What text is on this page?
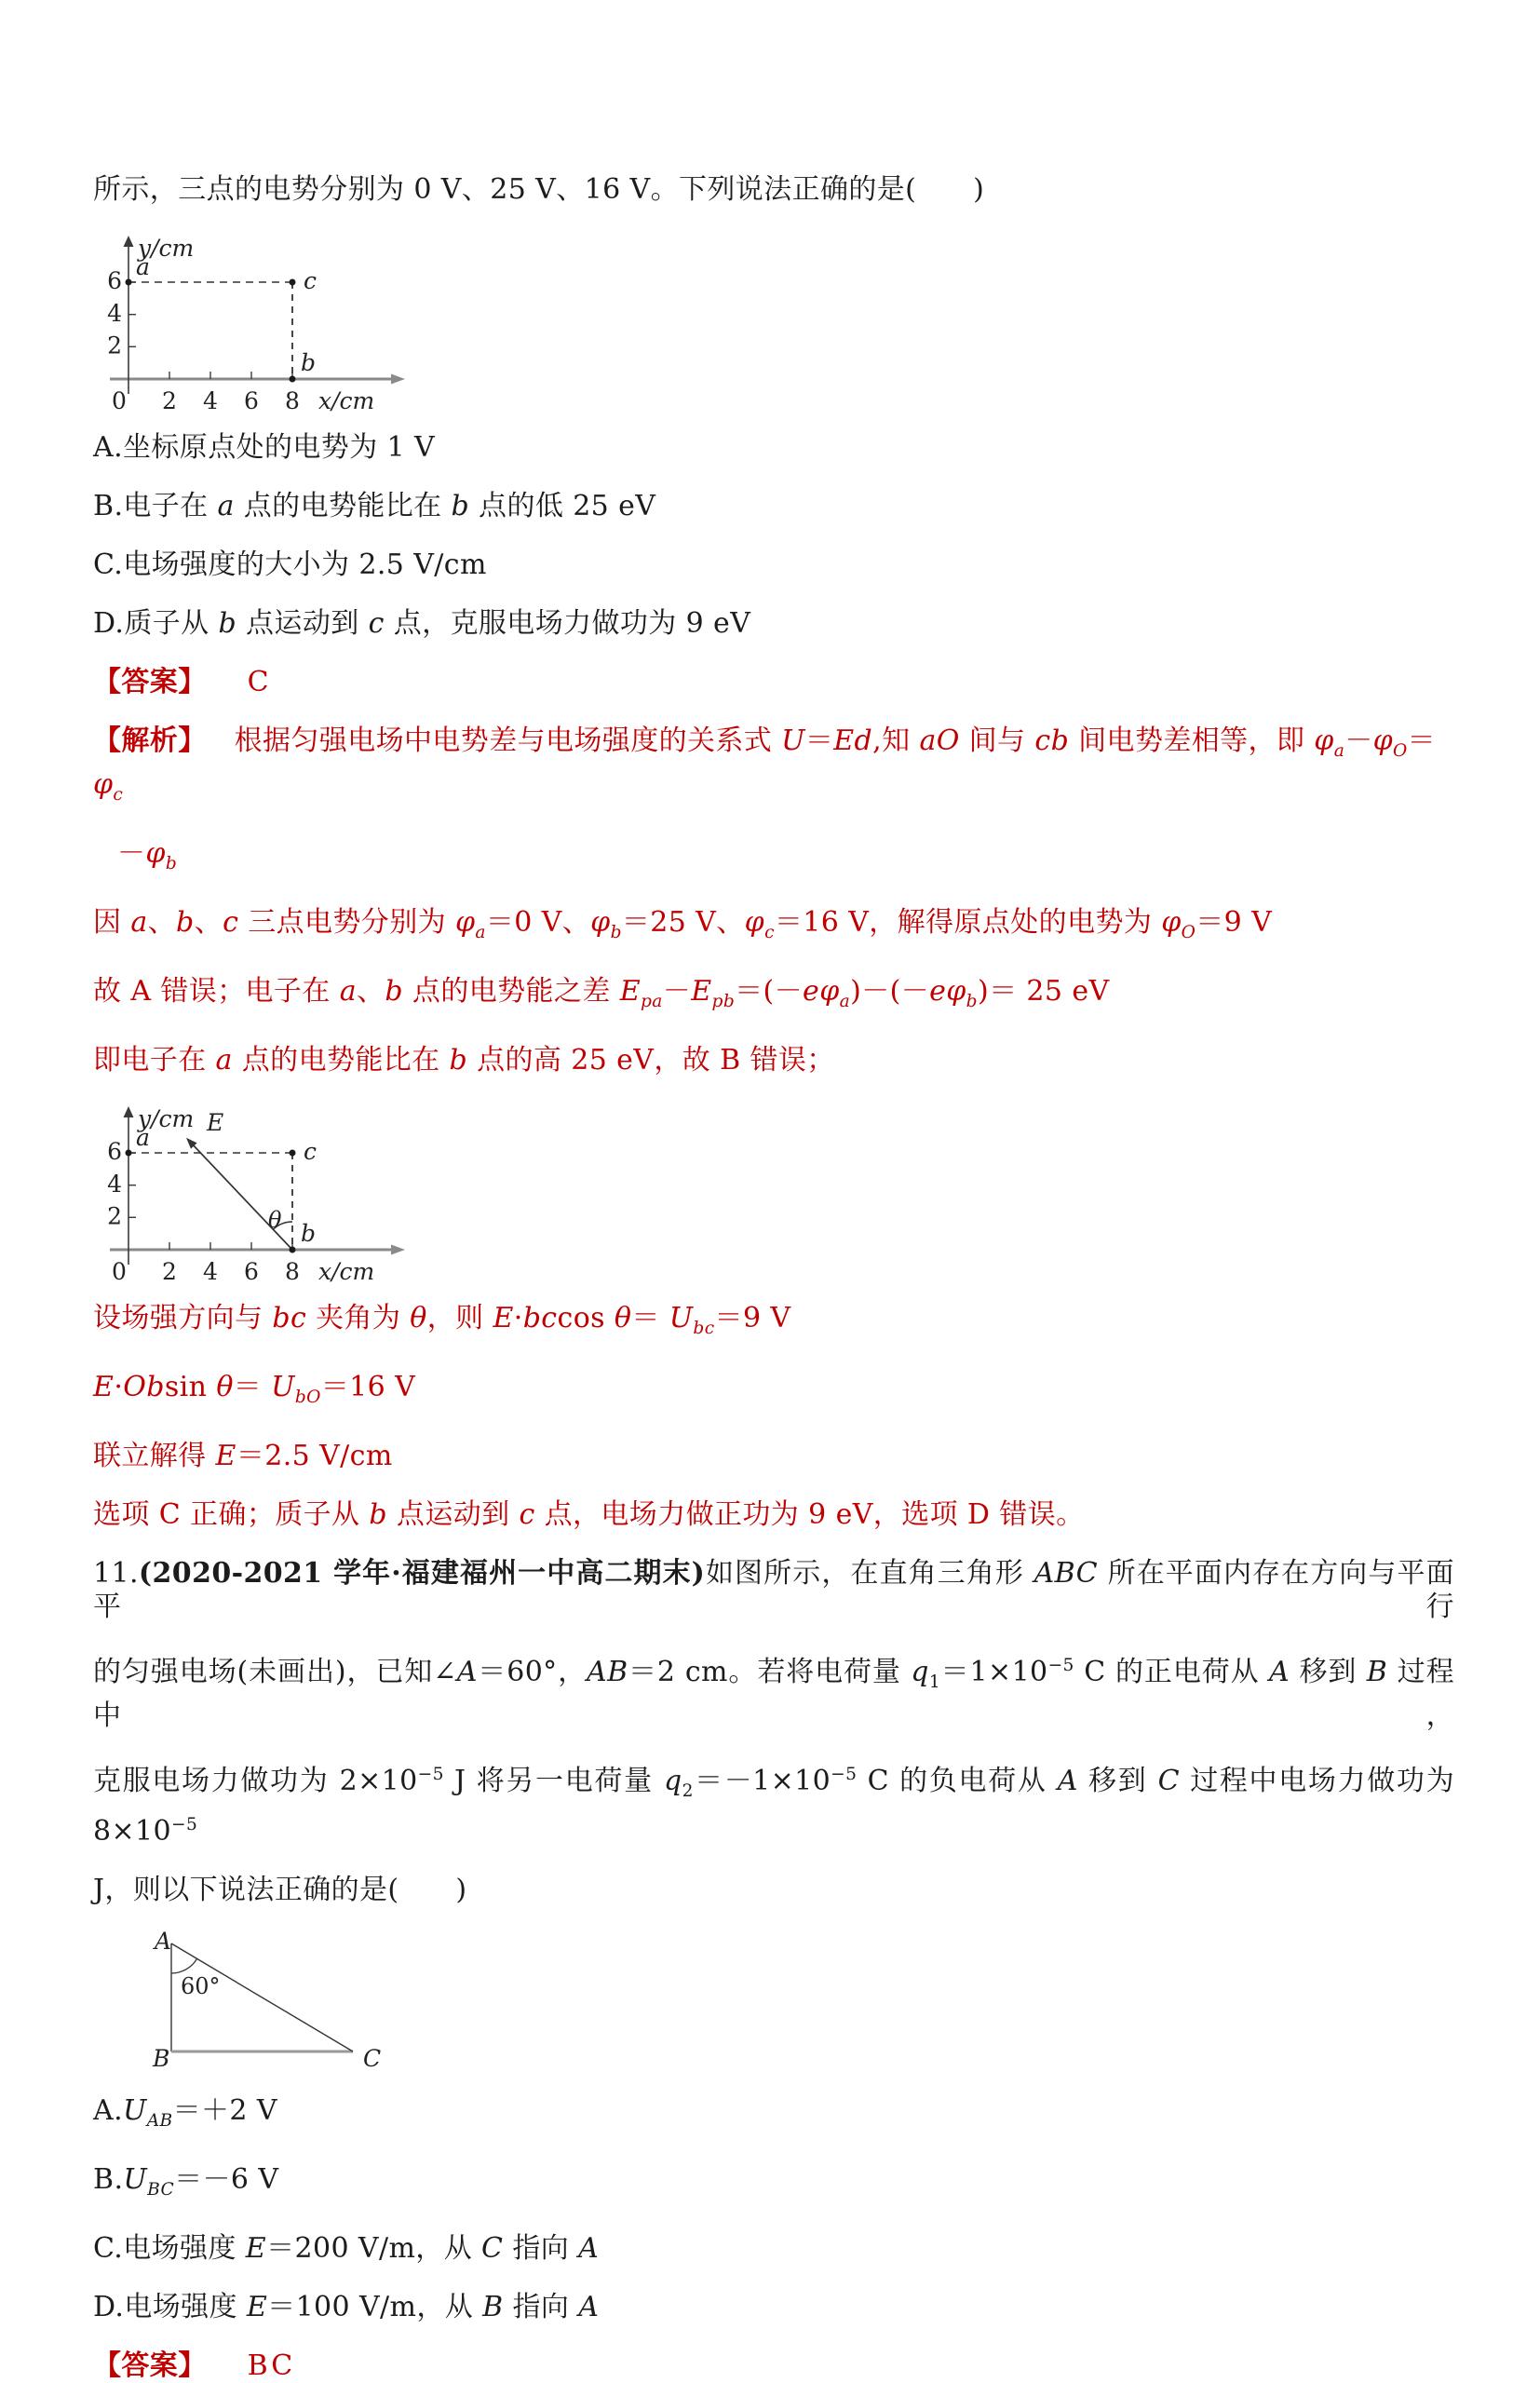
所示，三点的电势分别为 0 V、25 V、16 V。下列说法正确的是(　　)
6
4
2
0 2 4 6 8
y/cm
x/cm
a
c
b
A.坐标原点处的电势为 1 V
B.电子在 a 点的电势能比在 b 点的低 25 eV
C.电场强度的大小为 2.5 V/cm
D.质子从 b 点运动到 c 点，克服电场力做功为 9 eV
【答案】 C
【解析】 根据匀强电场中电势差与电场强度的关系式 U＝Ed,知 aO 间与 cb 间电势差相等，即 $\varphi_a-\varphi_O=\varphi_c$
$-\varphi_b$
因 a、b、c 三点电势分别为 $\varphi_a=0$ V、$\varphi_b=25$ V、$\varphi_c=16$ V，解得原点处的电势为 $\varphi_O=9$ V
故 A 错误；电子在 a、b 点的电势能之差 $E_{pa}-E_{pb}=(-e\varphi_a)-(-e\varphi_b)= 25$ eV
即电子在 a 点的电势能比在 b 点的高 25 eV，故 B 错误；
6
4
2
0 2 4 6 8
y/cm
x/cm
E
θ
a
c
b
设场强方向与 bc 夹角为 θ，则 E·bccos $\theta= U_{bc}=9$ V
E·Obsin $\theta= U_{bO}=16$ V
联立解得 E＝2.5 V/cm
选项 C 正确；质子从 b 点运动到 c 点，电场力做正功为 9 eV，选项 D 错误。
11.(2020-2021 学年·福建福州一中高二期末)如图所示，在直角三角形 ABC 所在平面内存在方向与平面平行
的匀强电场(未画出)，已知∠A＝60°，AB＝2 cm。若将电荷量 $q_1=1\times 10^{-5}$ C 的正电荷从 A 移到 B 过程中，
克服电场力做功为 $2\times 10^{-5}$ J 将另一电荷量 $q_2=-1\times 10^{-5}$ C 的负电荷从 A 移到 C 过程中电场力做功为 $8\times 10^{-5}$
J，则以下说法正确的是(　　)
60°
A
B	C
$A.U_{AB}=+2$ V
$B.U_{BC}=-6$ V
C.电场强度 E＝200 V/m，从 C 指向 A
D.电场强度 E＝100 V/m，从 B 指向 A
【答案】 BC
